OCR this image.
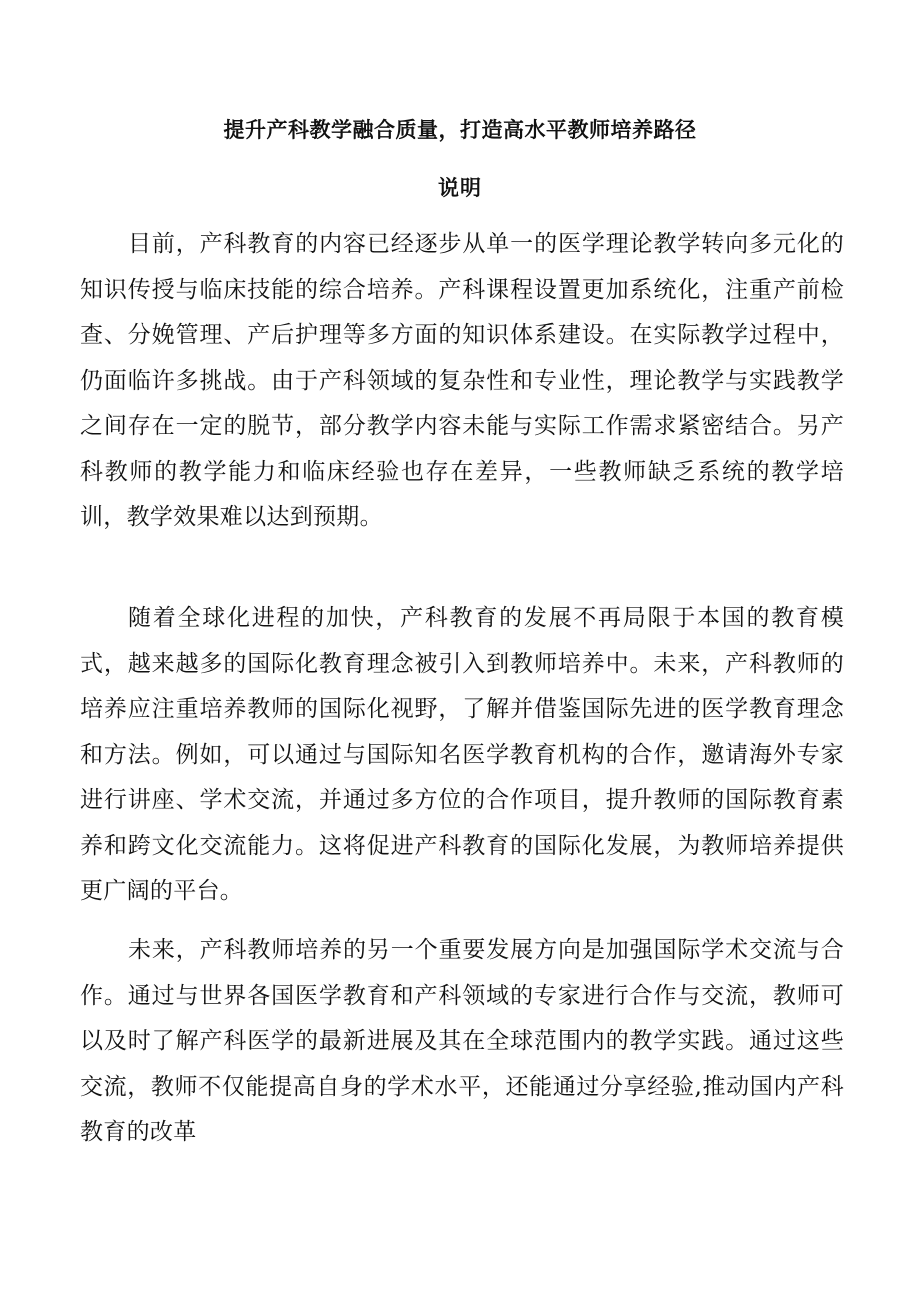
提升产科教学融合质量，打造高水平教师培养路径
说明

目前，产科教育的内容已经逐步从单一的医学理论教学转向多元化的知识传授与临床技能的综合培养。产科课程设置更加系统化，注重产前检查、分娩管理、产后护理等多方面的知识体系建设。在实际教学过程中，仍面临许多挑战。由于产科领域的复杂性和专业性，理论教学与实践教学之间存在一定的脱节，部分教学内容未能与实际工作需求紧密结合。另产科教师的教学能力和临床经验也存在差异，一些教师缺乏系统的教学培训，教学效果难以达到预期。

随着全球化进程的加快，产科教育的发展不再局限于本国的教育模式，越来越多的国际化教育理念被引入到教师培养中。未来，产科教师的培养应注重培养教师的国际化视野，了解并借鉴国际先进的医学教育理念和方法。例如，可以通过与国际知名医学教育机构的合作，邀请海外专家进行讲座、学术交流，并通过多方位的合作项目，提升教师的国际教育素养和跨文化交流能力。这将促进产科教育的国际化发展，为教师培养提供更广阔的平台。

未来，产科教师培养的另一个重要发展方向是加强国际学术交流与合作。通过与世界各国医学教育和产科领域的专家进行合作与交流，教师可以及时了解产科医学的最新进展及其在全球范围内的教学实践。通过这些交流，教师不仅能提高自身的学术水平，还能通过分享经验,推动国内产科教育的改革
